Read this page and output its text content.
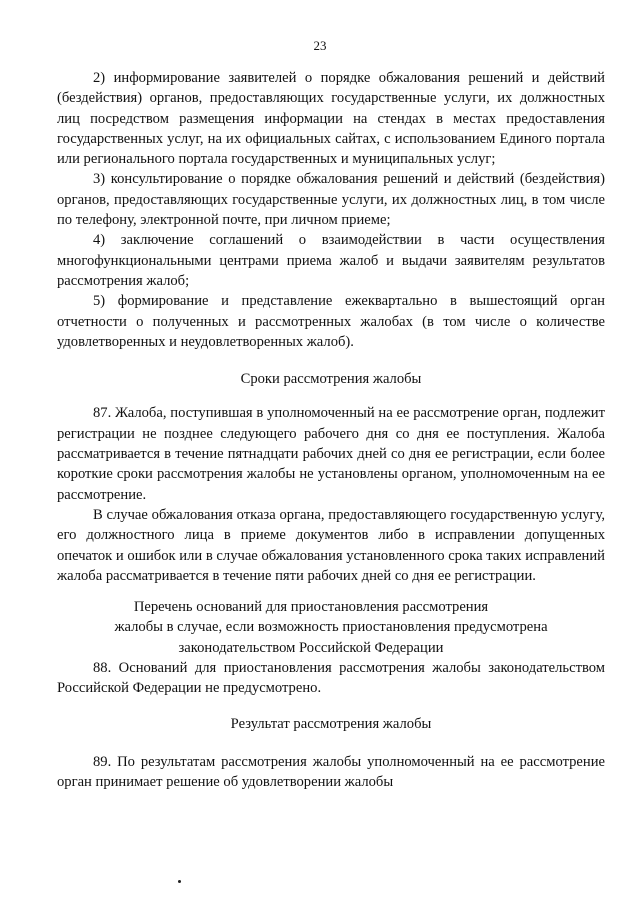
23

2) информирование заявителей о порядке обжалования решений и действий (бездействия) органов, предоставляющих государственные услуги, их должностных лиц посредством размещения информации на стендах в местах предоставления государственных услуг, на их официальных сайтах, с использованием Единого портала или регионального портала государственных и муниципальных услуг;

3) консультирование о порядке обжалования решений и действий (бездействия) органов, предоставляющих государственные услуги, их должностных лиц, в том числе по телефону, электронной почте, при личном приеме;

4) заключение соглашений о взаимодействии в части осуществления многофункциональными центрами приема жалоб и выдачи заявителям результатов рассмотрения жалоб;

5) формирование и представление ежеквартально в вышестоящий орган отчетности о полученных и рассмотренных жалобах (в том числе о количестве удовлетворенных и неудовлетворенных жалоб).

Сроки рассмотрения жалобы

87. Жалоба, поступившая в уполномоченный на ее рассмотрение орган, подлежит регистрации не позднее следующего рабочего дня со дня ее поступления. Жалоба рассматривается в течение пятнадцати рабочих дней со дня ее регистрации, если более короткие сроки рассмотрения жалобы не установлены органом, уполномоченным на ее рассмотрение.

В случае обжалования отказа органа, предоставляющего государственную услугу, его должностного лица в приеме документов либо в исправлении допущенных опечаток и ошибок или в случае обжалования установленного срока таких исправлений жалоба рассматривается в течение пяти рабочих дней со дня ее регистрации.

Перечень оснований для приостановления рассмотрения
жалобы в случае, если возможность приостановления предусмотрена
законодательством Российской Федерации

88. Оснований для приостановления рассмотрения жалобы законодательством Российской Федерации не предусмотрено.

Результат рассмотрения жалобы

89. По результатам рассмотрения жалобы уполномоченный на ее рассмотрение орган принимает решение об удовлетворении жалобы
